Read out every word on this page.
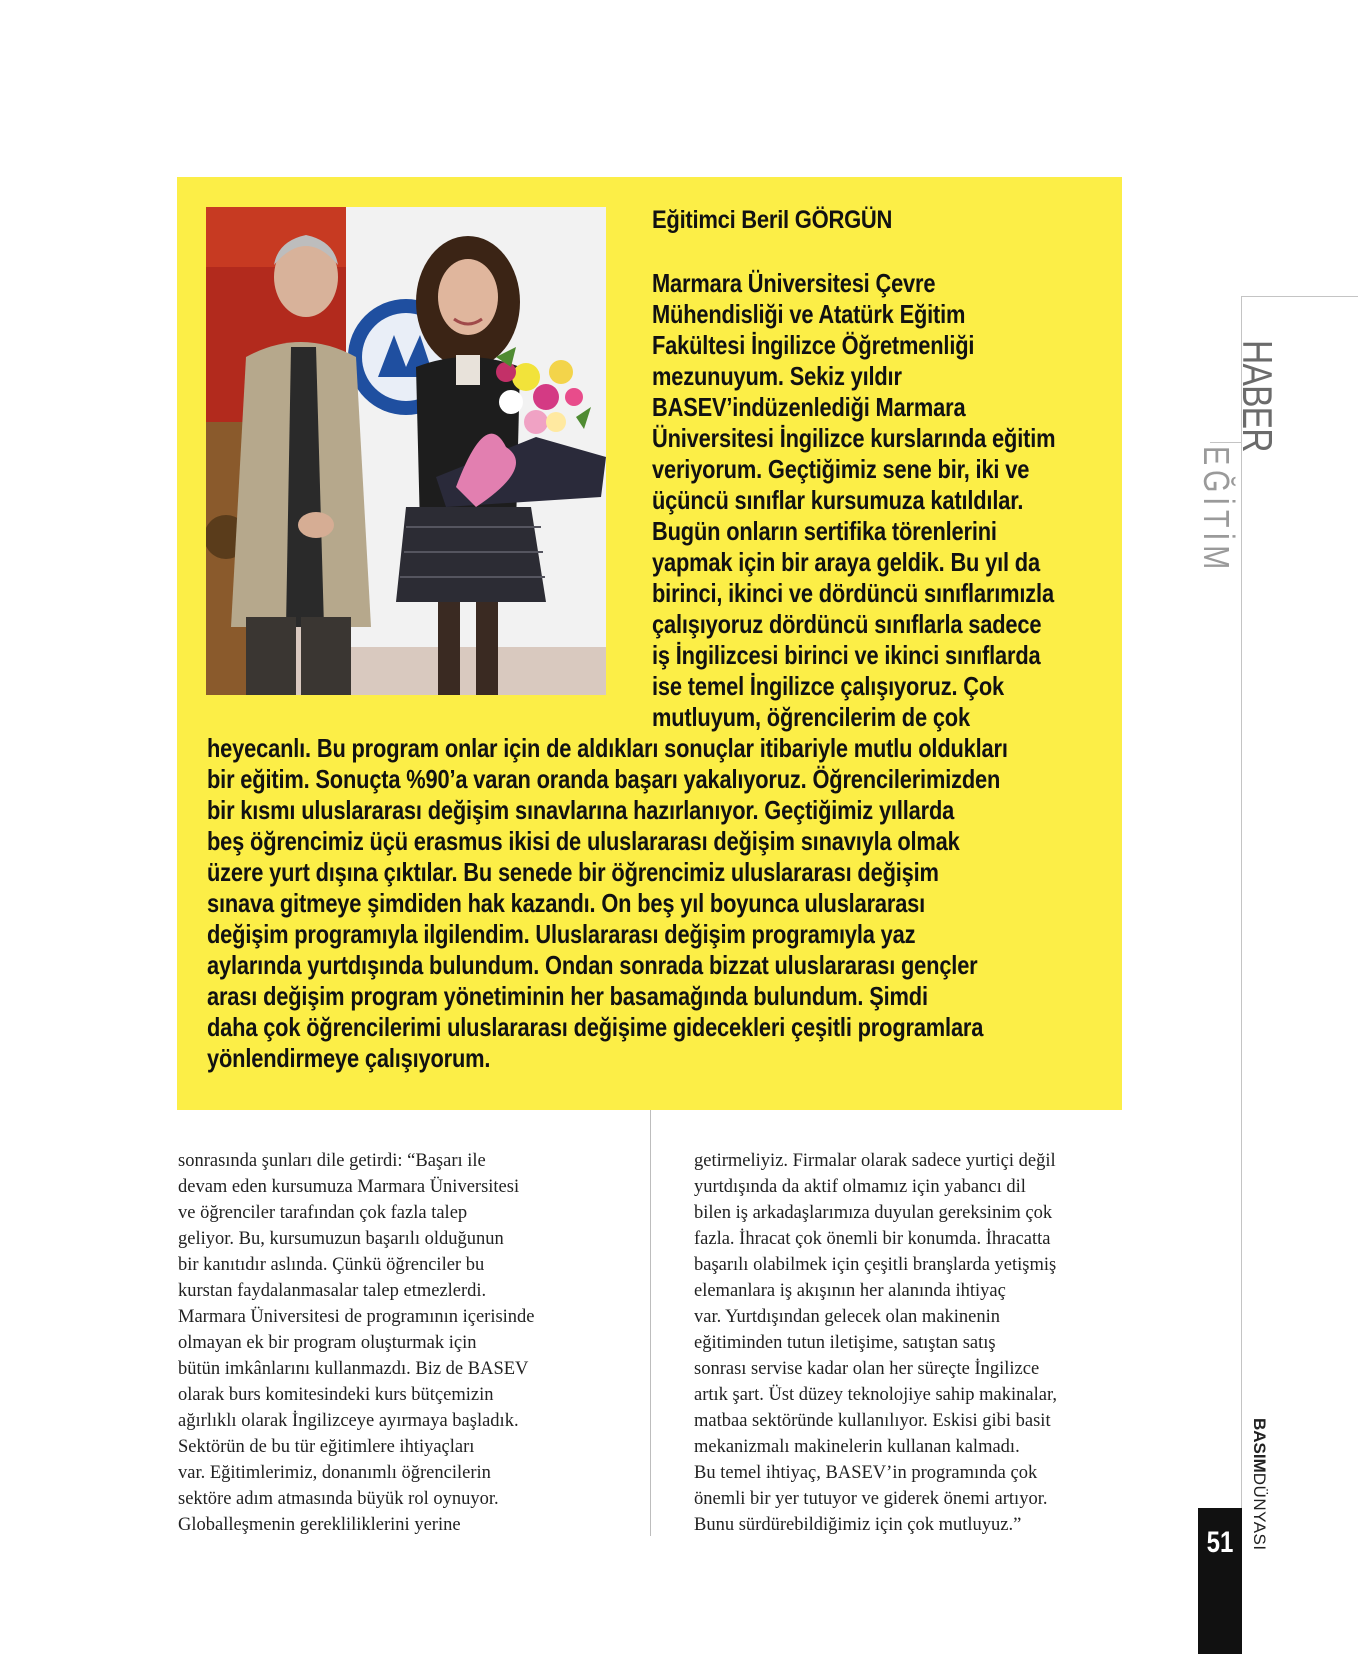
Eğitimci Beril GÖRGÜN
Marmara Üniversitesi Çevre
Mühendisliği ve Atatürk Eğitim
Fakültesi İngilizce Öğretmenliği
mezunuyum. Sekiz yıldır
BASEV’indüzenlediği Marmara
Üniversitesi İngilizce kurslarında eğitim
veriyorum. Geçtiğimiz sene bir, iki ve
üçüncü sınıflar kursumuza katıldılar.
Bugün onların sertifika törenlerini
yapmak için bir araya geldik. Bu yıl da
birinci, ikinci ve dördüncü sınıflarımızla
çalışıyoruz dördüncü sınıflarla sadece
iş İngilizcesi birinci ve ikinci sınıflarda
ise temel İngilizce çalışıyoruz. Çok
mutluyum, öğrencilerim de çok
heyecanlı. Bu program onlar için de aldıkları sonuçlar itibariyle mutlu oldukları
bir eğitim. Sonuçta %90’a varan oranda başarı yakalıyoruz. Öğrencilerimizden
bir kısmı uluslararası değişim sınavlarına hazırlanıyor. Geçtiğimiz yıllarda
beş öğrencimiz üçü erasmus ikisi de uluslararası değişim sınavıyla olmak
üzere yurt dışına çıktılar. Bu senede bir öğrencimiz uluslararası değişim
sınava gitmeye şimdiden hak kazandı. On beş yıl boyunca uluslararası
değişim programıyla ilgilendim. Uluslararası değişim programıyla yaz
aylarında yurtdışında bulundum. Ondan sonrada bizzat uluslararası gençler
arası değişim program yönetiminin her basamağında bulundum. Şimdi
daha çok öğrencilerimi uluslararası değişime gidecekleri çeşitli programlara
yönlendirmeye çalışıyorum.
sonrasında şunları dile getirdi: “Başarı ile
devam eden kursumuza Marmara Üniversitesi
ve öğrenciler tarafından çok fazla talep
geliyor. Bu, kursumuzun başarılı olduğunun
bir kanıtıdır aslında. Çünkü öğrenciler bu
kurstan faydalanmasalar talep etmezlerdi.
Marmara Üniversitesi de programının içerisinde
olmayan ek bir program oluşturmak için
bütün imkânlarını kullanmazdı. Biz de BASEV
olarak burs komitesindeki kurs bütçemizin
ağırlıklı olarak İngilizceye ayırmaya başladık.
Sektörün de bu tür eğitimlere ihtiyaçları
var. Eğitimlerimiz, donanımlı öğrencilerin
sektöre adım atmasında büyük rol oynuyor.
Globalleşmenin gerekliliklerini yerine
getirmeliyiz. Firmalar olarak sadece yurtiçi değil
yurtdışında da aktif olmamız için yabancı dil
bilen iş arkadaşlarımıza duyulan gereksinim çok
fazla. İhracat çok önemli bir konumda. İhracatta
başarılı olabilmek için çeşitli branşlarda yetişmiş
elemanlara iş akışının her alanında ihtiyaç
var. Yurtdışından gelecek olan makinenin
eğitiminden tutun iletişime, satıştan satış
sonrası servise kadar olan her süreçte İngilizce
artık şart. Üst düzey teknolojiye sahip makinalar,
matbaa sektöründe kullanılıyor. Eskisi gibi basit
mekanizmalı makinelerin kullanan kalmadı.
Bu temel ihtiyaç, BASEV’in programında çok
önemli bir yer tutuyor ve giderek önemi artıyor.
Bunu sürdürebildiğimiz için çok mutluyuz.”
HABER
EĞİTİM
BASIMDÜNYASI
51
